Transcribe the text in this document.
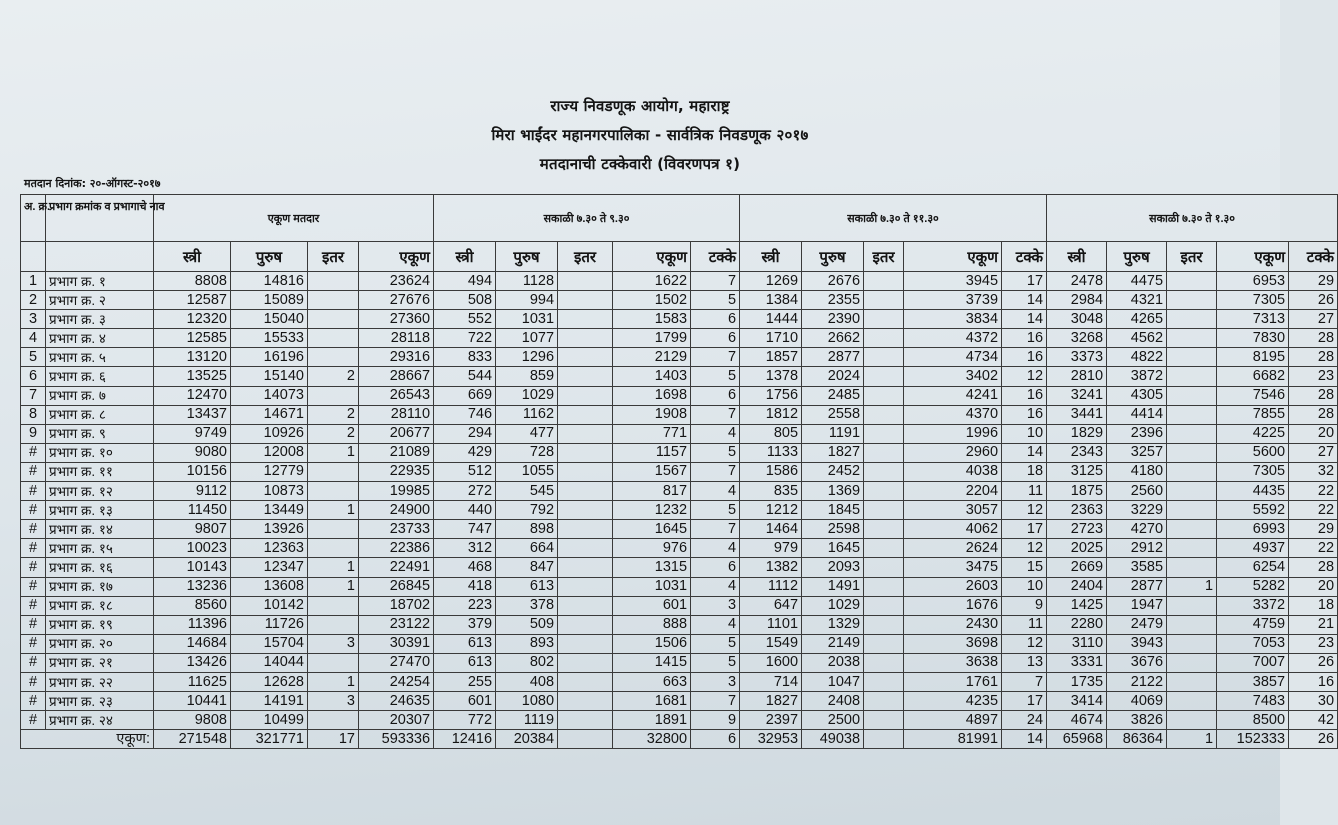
राज्य निवडणूक आयोग, महाराष्ट्र
मिरा भाईंदर महानगरपालिका - सार्वत्रिक निवडणूक २०१७
मतदानाची टक्केवारी (विवरणपत्र १)
मतदान दिनांक: २०-ऑगस्ट-२०१७
अ. क्र.	प्रभाग क्रमांक व प्रभागाचे नाव	एकूण मतदार				सकाळी ७.३० ते ९.३०					सकाळी ७.३० ते ११.३०					सकाळी ७.३० ते १.३०				
		स्त्री	पुरुष	इतर	एकूण	स्त्री	पुरुष	इतर	एकूण	टक्के	स्त्री	पुरुष	इतर	एकूण	टक्के	स्त्री	पुरुष	इतर	एकूण	टक्के
1	प्रभाग क्र. १	8808	14816		23624	494	1128		1622	7	1269	2676		3945	17	2478	4475		6953	29
2	प्रभाग क्र. २	12587	15089		27676	508	994		1502	5	1384	2355		3739	14	2984	4321		7305	26
3	प्रभाग क्र. ३	12320	15040		27360	552	1031		1583	6	1444	2390		3834	14	3048	4265		7313	27
4	प्रभाग क्र. ४	12585	15533		28118	722	1077		1799	6	1710	2662		4372	16	3268	4562		7830	28
5	प्रभाग क्र. ५	13120	16196		29316	833	1296		2129	7	1857	2877		4734	16	3373	4822		8195	28
6	प्रभाग क्र. ६	13525	15140	2	28667	544	859		1403	5	1378	2024		3402	12	2810	3872		6682	23
7	प्रभाग क्र. ७	12470	14073		26543	669	1029		1698	6	1756	2485		4241	16	3241	4305		7546	28
8	प्रभाग क्र. ८	13437	14671	2	28110	746	1162		1908	7	1812	2558		4370	16	3441	4414		7855	28
9	प्रभाग क्र. ९	9749	10926	2	20677	294	477		771	4	805	1191		1996	10	1829	2396		4225	20
#	प्रभाग क्र. १०	9080	12008	1	21089	429	728		1157	5	1133	1827		2960	14	2343	3257		5600	27
#	प्रभाग क्र. ११	10156	12779		22935	512	1055		1567	7	1586	2452		4038	18	3125	4180		7305	32
#	प्रभाग क्र. १२	9112	10873		19985	272	545		817	4	835	1369		2204	11	1875	2560		4435	22
#	प्रभाग क्र. १३	11450	13449	1	24900	440	792		1232	5	1212	1845		3057	12	2363	3229		5592	22
#	प्रभाग क्र. १४	9807	13926		23733	747	898		1645	7	1464	2598		4062	17	2723	4270		6993	29
#	प्रभाग क्र. १५	10023	12363		22386	312	664		976	4	979	1645		2624	12	2025	2912		4937	22
#	प्रभाग क्र. १६	10143	12347	1	22491	468	847		1315	6	1382	2093		3475	15	2669	3585		6254	28
#	प्रभाग क्र. १७	13236	13608	1	26845	418	613		1031	4	1112	1491		2603	10	2404	2877	1	5282	20
#	प्रभाग क्र. १८	8560	10142		18702	223	378		601	3	647	1029		1676	9	1425	1947		3372	18
#	प्रभाग क्र. १९	11396	11726		23122	379	509		888	4	1101	1329		2430	11	2280	2479		4759	21
#	प्रभाग क्र. २०	14684	15704	3	30391	613	893		1506	5	1549	2149		3698	12	3110	3943		7053	23
#	प्रभाग क्र. २१	13426	14044		27470	613	802		1415	5	1600	2038		3638	13	3331	3676		7007	26
#	प्रभाग क्र. २२	11625	12628	1	24254	255	408		663	3	714	1047		1761	7	1735	2122		3857	16
#	प्रभाग क्र. २३	10441	14191	3	24635	601	1080		1681	7	1827	2408		4235	17	3414	4069		7483	30
#	प्रभाग क्र. २४	9808	10499		20307	772	1119		1891	9	2397	2500		4897	24	4674	3826		8500	42
एकूण:		271548	321771	17	593336	12416	20384		32800	6	32953	49038		81991	14	65968	86364	1	152333	26
